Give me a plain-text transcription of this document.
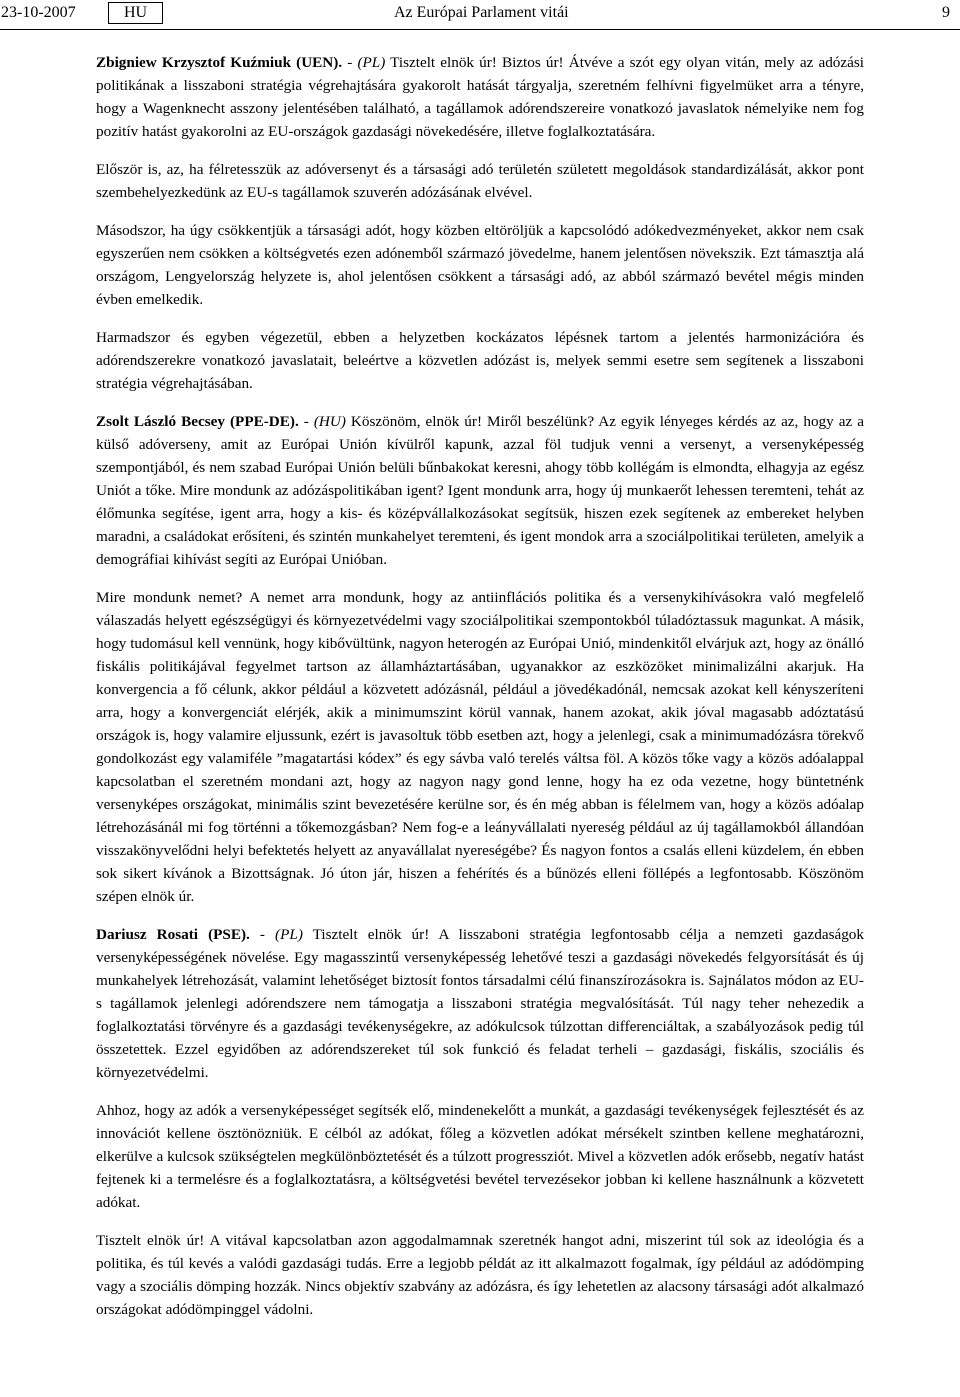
23-10-2007	HU	Az Európai Parlament vitái	9

Zbigniew Krzysztof Kuźmiuk (UEN). - (PL) Tisztelt elnök úr! Biztos úr! Átvéve a szót egy olyan vitán, mely az adózási politikának a lisszaboni stratégia végrehajtására gyakorolt hatását tárgyalja, szeretném felhívni figyelmüket arra a tényre, hogy a Wagenknecht asszony jelentésében található, a tagállamok adórendszereire vonatkozó javaslatok némelyike nem fog pozitív hatást gyakorolni az EU-országok gazdasági növekedésére, illetve foglalkoztatására.

Először is, az, ha félretesszük az adóversenyt és a társasági adó területén született megoldások standardizálását, akkor pont szembehelyezkedünk az EU-s tagállamok szuverén adózásának elvével.

Másodszor, ha úgy csökkentjük a társasági adót, hogy közben eltöröljük a kapcsolódó adókedvezményeket, akkor nem csak egyszerűen nem csökken a költségvetés ezen adónemből származó jövedelme, hanem jelentősen növekszik. Ezt támasztja alá országom, Lengyelország helyzete is, ahol jelentősen csökkent a társasági adó, az abból származó bevétel mégis minden évben emelkedik.

Harmadszor és egyben végezetül, ebben a helyzetben kockázatos lépésnek tartom a jelentés harmonizációra és adórendszerekre vonatkozó javaslatait, beleértve a közvetlen adózást is, melyek semmi esetre sem segítenek a lisszaboni stratégia végrehajtásában.

Zsolt László Becsey (PPE-DE). - (HU) Köszönöm, elnök úr! Miről beszélünk? Az egyik lényeges kérdés az az, hogy az a külső adóverseny, amit az Európai Unión kívülről kapunk, azzal föl tudjuk venni a versenyt, a versenyképesség szempontjából, és nem szabad Európai Unión belüli bűnbakokat keresni, ahogy több kollégám is elmondta, elhagyja az egész Uniót a tőke. Mire mondunk az adózáspolitikában igent? Igent mondunk arra, hogy új munkaerőt lehessen teremteni, tehát az élőmunka segítése, igent arra, hogy a kis- és középvállalkozásokat segítsük, hiszen ezek segítenek az embereket helyben maradni, a családokat erősíteni, és szintén munkahelyet teremteni, és igent mondok arra a szociálpolitikai területen, amelyik a demográfiai kihívást segíti az Európai Unióban.

Mire mondunk nemet? A nemet arra mondunk, hogy az antiinflációs politika és a versenykihívásokra való megfelelő válaszadás helyett egészségügyi és környezetvédelmi vagy szociálpolitikai szempontokból túladóztassuk magunkat. A másik, hogy tudomásul kell vennünk, hogy kibővültünk, nagyon heterogén az Európai Unió, mindenkitől elvárjuk azt, hogy az önálló fiskális politikájával fegyelmet tartson az államháztartásában, ugyanakkor az eszközöket minimalizálni akarjuk. Ha konvergencia a fő célunk, akkor például a közvetett adózásnál, például a jövedékadónál, nemcsak azokat kell kényszeríteni arra, hogy a konvergenciát elérjék, akik a minimumszint körül vannak, hanem azokat, akik jóval magasabb adóztatású országok is, hogy valamire eljussunk, ezért is javasoltuk több esetben azt, hogy a jelenlegi, csak a minimumadózásra törekvő gondolkozást egy valamiféle ”magatartási kódex” és egy sávba való terelés váltsa föl. A közös tőke vagy a közös adóalappal kapcsolatban el szeretném mondani azt, hogy az nagyon nagy gond lenne, hogy ha ez oda vezetne, hogy büntetnénk versenyképes országokat, minimális szint bevezetésére kerülne sor, és én még abban is félelmem van, hogy a közös adóalap létrehozásánál mi fog történni a tőkemozgásban? Nem fog-e a leányvállalati nyereség például az új tagállamokból állandóan visszakönyvelődni helyi befektetés helyett az anyavállalat nyereségébe? És nagyon fontos a csalás elleni küzdelem, én ebben sok sikert kívánok a Bizottságnak. Jó úton jár, hiszen a fehérítés és a bűnözés elleni föllépés a legfontosabb. Köszönöm szépen elnök úr.

Dariusz Rosati (PSE). - (PL) Tisztelt elnök úr! A lisszaboni stratégia legfontosabb célja a nemzeti gazdaságok versenyképességének növelése. Egy magasszintű versenyképesség lehetővé teszi a gazdasági növekedés felgyorsítását és új munkahelyek létrehozását, valamint lehetőséget biztosít fontos társadalmi célú finanszírozásokra is. Sajnálatos módon az EU-s tagállamok jelenlegi adórendszere nem támogatja a lisszaboni stratégia megvalósítását. Túl nagy teher nehezedik a foglalkoztatási törvényre és a gazdasági tevékenységekre, az adókulcsok túlzottan differenciáltak, a szabályozások pedig túl összetettek. Ezzel egyidőben az adórendszereket túl sok funkció és feladat terheli – gazdasági, fiskális, szociális és környezetvédelmi.

Ahhoz, hogy az adók a versenyképességet segítsék elő, mindenekelőtt a munkát, a gazdasági tevékenységek fejlesztését és az innovációt kellene ösztönözniük. E célból az adókat, főleg a közvetlen adókat mérsékelt szintben kellene meghatározni, elkerülve a kulcsok szükségtelen megkülönböztetését és a túlzott progressziót. Mivel a közvetlen adók erősebb, negatív hatást fejtenek ki a termelésre és a foglalkoztatásra, a költségvetési bevétel tervezésekor jobban ki kellene használnunk a közvetett adókat.

Tisztelt elnök úr! A vitával kapcsolatban azon aggodalmamnak szeretnék hangot adni, miszerint túl sok az ideológia és a politika, és túl kevés a valódi gazdasági tudás. Erre a legjobb példát az itt alkalmazott fogalmak, így például az adódömping vagy a szociális dömping hozzák. Nincs objektív szabvány az adózásra, és így lehetetlen az alacsony társasági adót alkalmazó országokat adódömpinggel vádolni.
